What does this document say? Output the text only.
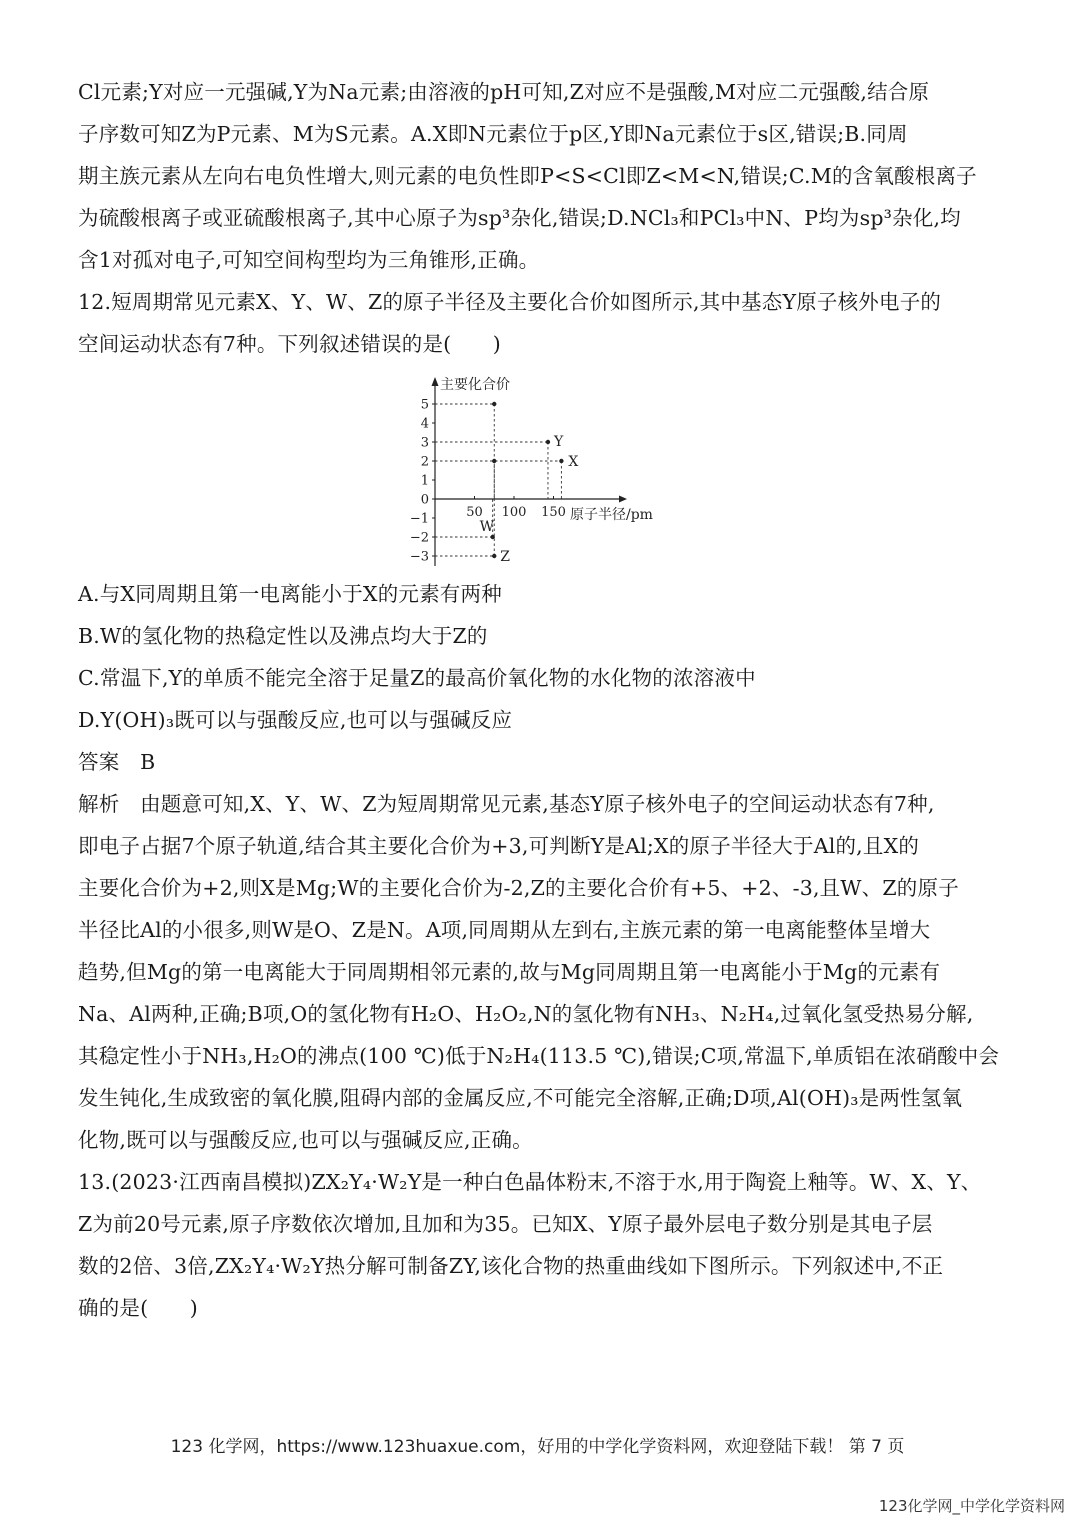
Cl元素;Y对应一元强碱,Y为Na元素;由溶液的pH可知,Z对应不是强酸,M对应二元强酸,结合原
子序数可知Z为P元素、M为S元素。A.X即N元素位于p区,Y即Na元素位于s区,错误;B.同周
期主族元素从左向右电负性增大,则元素的电负性即P<S<Cl即Z<M<N,错误;C.M的含氧酸根离子
为硫酸根离子或亚硫酸根离子,其中心原子为sp³杂化,错误;D.NCl₃和PCl₃中N、P均为sp³杂化,均
含1对孤对电子,可知空间构型均为三角锥形,正确。
12.短周期常见元素X、Y、W、Z的原子半径及主要化合价如图所示,其中基态Y原子核外电子的
空间运动状态有7种。下列叙述错误的是(　　)
主要化合价
原子半径/pm
5
4
3
2
1
0
−1
−2
−3
50 100 150
Y
X
W
Z
A.与X同周期且第一电离能小于X的元素有两种
B.W的氢化物的热稳定性以及沸点均大于Z的
C.常温下,Y的单质不能完全溶于足量Z的最高价氧化物的水化物的浓溶液中
D.Y(OH)₃既可以与强酸反应,也可以与强碱反应
答案　B
解析　由题意可知,X、Y、W、Z为短周期常见元素,基态Y原子核外电子的空间运动状态有7种,
即电子占据7个原子轨道,结合其主要化合价为+3,可判断Y是Al;X的原子半径大于Al的,且X的
主要化合价为+2,则X是Mg;W的主要化合价为-2,Z的主要化合价有+5、+2、-3,且W、Z的原子
半径比Al的小很多,则W是O、Z是N。A项,同周期从左到右,主族元素的第一电离能整体呈增大
趋势,但Mg的第一电离能大于同周期相邻元素的,故与Mg同周期且第一电离能小于Mg的元素有
Na、Al两种,正确;B项,O的氢化物有H₂O、H₂O₂,N的氢化物有NH₃、N₂H₄,过氧化氢受热易分解,
其稳定性小于NH₃,H₂O的沸点(100 ℃)低于N₂H₄(113.5 ℃),错误;C项,常温下,单质铝在浓硝酸中会
发生钝化,生成致密的氧化膜,阻碍内部的金属反应,不可能完全溶解,正确;D项,Al(OH)₃是两性氢氧
化物,既可以与强酸反应,也可以与强碱反应,正确。
13.(2023·江西南昌模拟)ZX₂Y₄·W₂Y是一种白色晶体粉末,不溶于水,用于陶瓷上釉等。W、X、Y、
Z为前20号元素,原子序数依次增加,且加和为35。已知X、Y原子最外层电子数分别是其电子层
数的2倍、3倍,ZX₂Y₄·W₂Y热分解可制备ZY,该化合物的热重曲线如下图所示。下列叙述中,不正
确的是(　　)
123 化学网，https://www.123huaxue.com，好用的中学化学资料网，欢迎登陆下载！ 第 7 页
123化学网_中学化学资料网
